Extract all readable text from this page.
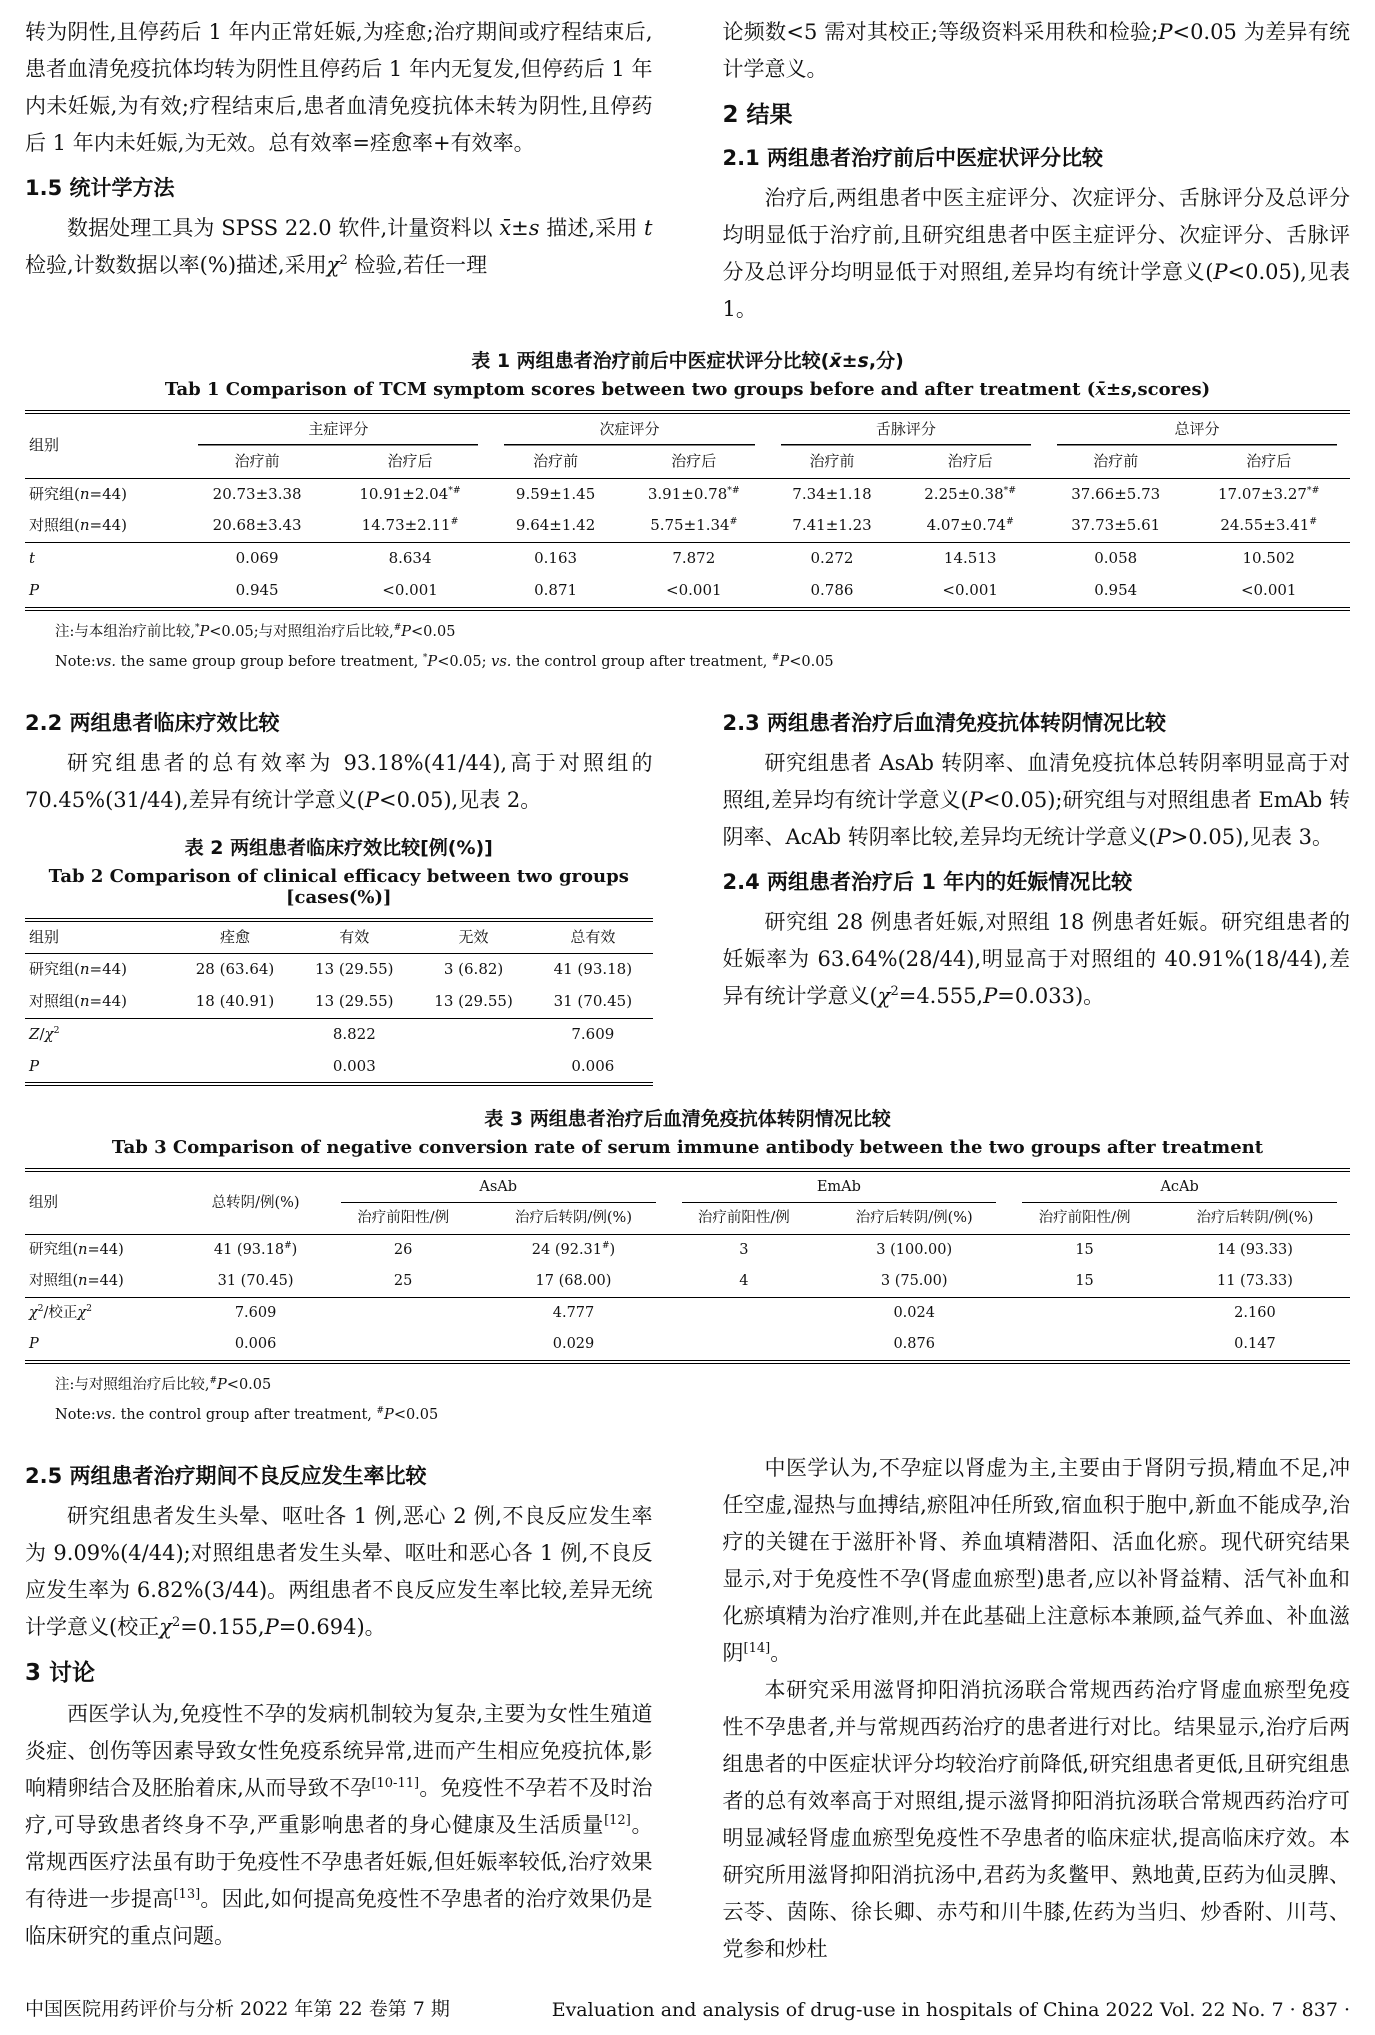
转为阴性,且停药后 1 年内正常妊娠,为痊愈;治疗期间或疗程结束后,患者血清免疫抗体均转为阴性且停药后 1 年内无复发,但停药后 1 年内未妊娠,为有效;疗程结束后,患者血清免疫抗体未转为阴性,且停药后 1 年内未妊娠,为无效。总有效率=痊愈率+有效率。

1.5 统计学方法

数据处理工具为 SPSS 22.0 软件,计量资料以 x̄±s 描述,采用 t 检验,计数数据以率(%)描述,采用$\chi^2$ 检验,若任一理

论频数<5 需对其校正;等级资料采用秩和检验;P<0.05 为差异有统计学意义。

2 结果
2.1 两组患者治疗前后中医症状评分比较

治疗后,两组患者中医主症评分、次症评分、舌脉评分及总评分均明显低于治疗前,且研究组患者中医主症评分、次症评分、舌脉评分及总评分均明显低于对照组,差异均有统计学意义(P<0.05),见表 1。

表 1 两组患者治疗前后中医症状评分比较(x̄±s,分)
Tab 1 Comparison of TCM symptom scores between two groups before and after treatment (x̄±s,scores)
组别	主症评分		次症评分		舌脉评分		总评分	
	治疗前	治疗后	治疗前	治疗后	治疗前	治疗后	治疗前	治疗后
研究组(n=44)	20.73±3.38	10.91±2.04*#	9.59±1.45	3.91±0.78*#	7.34±1.18	2.25±0.38*#	37.66±5.73	17.07±3.27*#
对照组(n=44)	20.68±3.43	14.73±2.11#	9.64±1.42	5.75±1.34#	7.41±1.23	4.07±0.74#	37.73±5.61	24.55±3.41#
t	0.069	8.634	0.163	7.872	0.272	14.513	0.058	10.502
P	0.945	<0.001	0.871	<0.001	0.786	<0.001	0.954	<0.001
注:与本组治疗前比较,*P<0.05;与对照组治疗后比较,#P<0.05
Note:vs. the same group group before treatment, *P<0.05; vs. the control group after treatment, #P<0.05
2.2 两组患者临床疗效比较

研究组患者的总有效率为 93.18%(41/44),高于对照组的 70.45%(31/44),差异有统计学意义(P<0.05),见表 2。

表 2 两组患者临床疗效比较[例(%)]
Tab 2 Comparison of clinical efficacy between two groups [cases(%)]
组别	痊愈	有效	无效	总有效
研究组(n=44)	28 (63.64)	13 (29.55)	3 (6.82)	41 (93.18)
对照组(n=44)	18 (40.91)	13 (29.55)	13 (29.55)	31 (70.45)
$Z/\chi^2$		8.822		7.609
P		0.003		0.006
2.3 两组患者治疗后血清免疫抗体转阴情况比较

研究组患者 AsAb 转阴率、血清免疫抗体总转阴率明显高于对照组,差异均有统计学意义(P<0.05);研究组与对照组患者 EmAb 转阴率、AcAb 转阴率比较,差异均无统计学意义(P>0.05),见表 3。

2.4 两组患者治疗后 1 年内的妊娠情况比较

研究组 28 例患者妊娠,对照组 18 例患者妊娠。研究组患者的妊娠率为 63.64%(28/44),明显高于对照组的 40.91%(18/44),差异有统计学意义$(\chi^2=4.555,P=0.033)$。

表 3 两组患者治疗后血清免疫抗体转阴情况比较
Tab 3 Comparison of negative conversion rate of serum immune antibody between the two groups after treatment
组别	总转阴/例(%)	AsAb		EmAb		AcAb	
		治疗前阳性/例	治疗后转阴/例(%)	治疗前阳性/例	治疗后转阴/例(%)	治疗前阳性/例	治疗后转阴/例(%)
研究组(n=44)	41 (93.18#)	26	24 (92.31#)	3	3 (100.00)	15	14 (93.33)
对照组(n=44)	31 (70.45)	25	17 (68.00)	4	3 (75.00)	15	11 (73.33)
$\chi^2/$校正$\chi^2$	7.609		4.777		0.024		2.160
P	0.006		0.029		0.876		0.147
注:与对照组治疗后比较,#P<0.05
Note:vs. the control group after treatment, #P<0.05
2.5 两组患者治疗期间不良反应发生率比较

研究组患者发生头晕、呕吐各 1 例,恶心 2 例,不良反应发生率为 9.09%(4/44);对照组患者发生头晕、呕吐和恶心各 1 例,不良反应发生率为 6.82%(3/44)。两组患者不良反应发生率比较,差异无统计学意义(校正$\chi^2=0.155,P=0.694$)。

3 讨论

西医学认为,免疫性不孕的发病机制较为复杂,主要为女性生殖道炎症、创伤等因素导致女性免疫系统异常,进而产生相应免疫抗体,影响精卵结合及胚胎着床,从而导致不孕[10-11]。免疫性不孕若不及时治疗,可导致患者终身不孕,严重影响患者的身心健康及生活质量[12]。常规西医疗法虽有助于免疫性不孕患者妊娠,但妊娠率较低,治疗效果有待进一步提高[13]。因此,如何提高免疫性不孕患者的治疗效果仍是临床研究的重点问题。

中医学认为,不孕症以肾虚为主,主要由于肾阴亏损,精血不足,冲任空虚,湿热与血搏结,瘀阻冲任所致,宿血积于胞中,新血不能成孕,治疗的关键在于滋肝补肾、养血填精潜阳、活血化瘀。现代研究结果显示,对于免疫性不孕(肾虚血瘀型)患者,应以补肾益精、活气补血和化瘀填精为治疗准则,并在此基础上注意标本兼顾,益气养血、补血滋阴[14]。

本研究采用滋肾抑阳消抗汤联合常规西药治疗肾虚血瘀型免疫性不孕患者,并与常规西药治疗的患者进行对比。结果显示,治疗后两组患者的中医症状评分均较治疗前降低,研究组患者更低,且研究组患者的总有效率高于对照组,提示滋肾抑阳消抗汤联合常规西药治疗可明显减轻肾虚血瘀型免疫性不孕患者的临床症状,提高临床疗效。本研究所用滋肾抑阳消抗汤中,君药为炙鳖甲、熟地黄,臣药为仙灵脾、云苓、茵陈、徐长卿、赤芍和川牛膝,佐药为当归、炒香附、川芎、党参和炒杜

中国医院用药评价与分析 2022 年第 22 卷第 7 期	Evaluation and analysis of drug-use in hospitals of China 2022 Vol. 22 No. 7 · 837 ·
